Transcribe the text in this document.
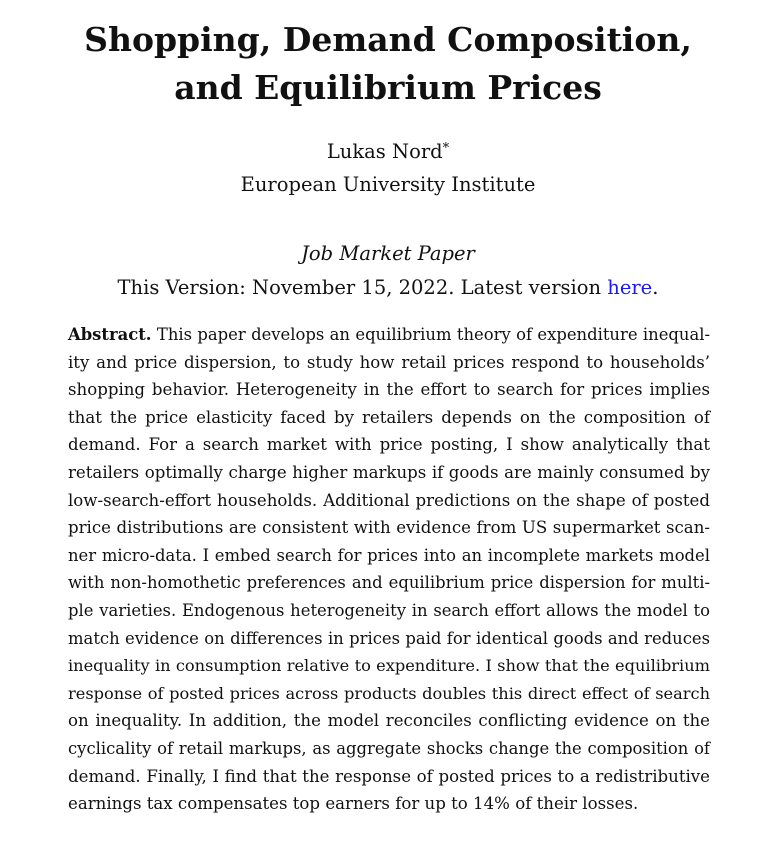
Shopping, Demand Composition,
and Equilibrium Prices
Lukas Nord*
European University Institute
Job Market Paper
This Version: November 15, 2022. Latest version here.
Abstract. This paper develops an equilibrium theory of expenditure inequal-
ity and price dispersion, to study how retail prices respond to households’
shopping behavior. Heterogeneity in the effort to search for prices implies
that the price elasticity faced by retailers depends on the composition of
demand. For a search market with price posting, I show analytically that
retailers optimally charge higher markups if goods are mainly consumed by
low-search-effort households. Additional predictions on the shape of posted
price distributions are consistent with evidence from US supermarket scan-
ner micro-data. I embed search for prices into an incomplete markets model
with non-homothetic preferences and equilibrium price dispersion for multi-
ple varieties. Endogenous heterogeneity in search effort allows the model to
match evidence on differences in prices paid for identical goods and reduces
inequality in consumption relative to expenditure. I show that the equilibrium
response of posted prices across products doubles this direct effect of search
on inequality. In addition, the model reconciles conflicting evidence on the
cyclicality of retail markups, as aggregate shocks change the composition of
demand. Finally, I find that the response of posted prices to a redistributive
earnings tax compensates top earners for up to 14% of their losses.
